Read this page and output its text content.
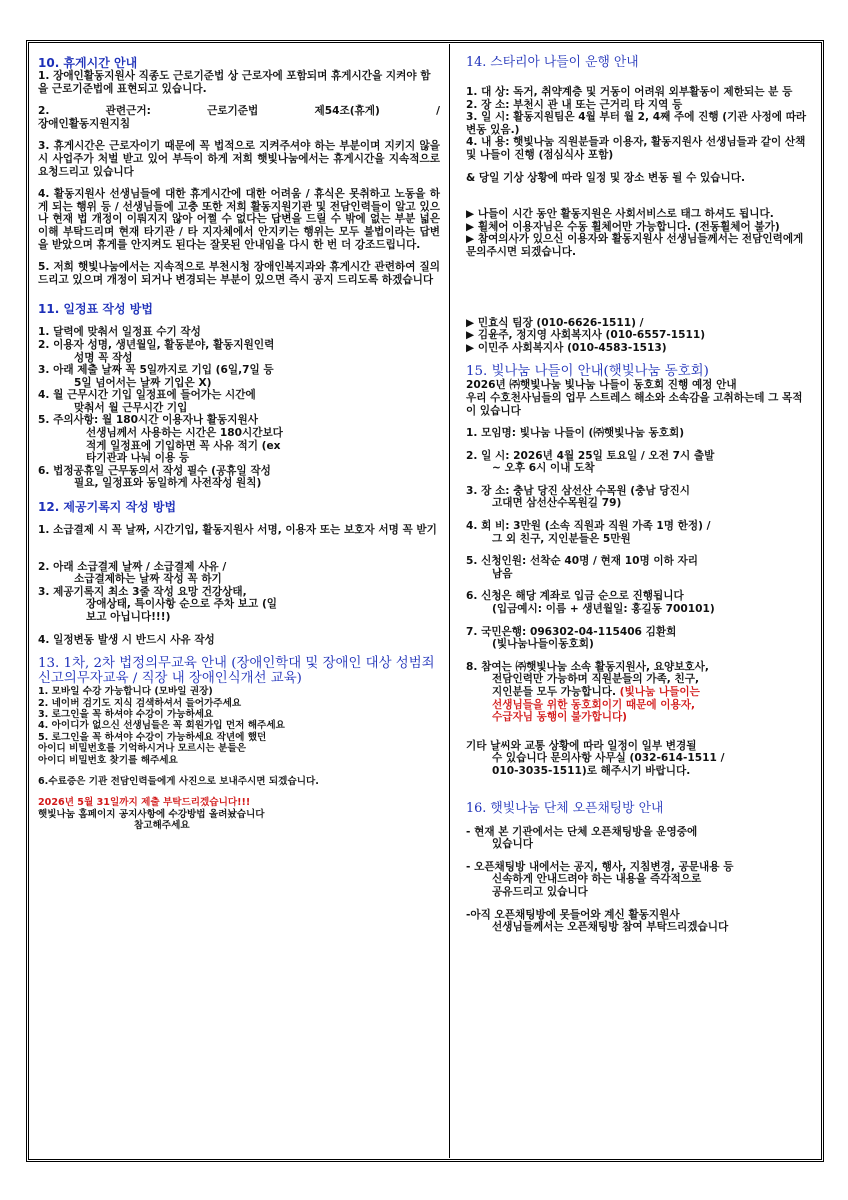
10. 휴게시간 안내

1. 장애인활동지원사 직종도 근로기준법 상 근로자에 포함되며 휴게시간을 지켜야 함을 근로기준법에 표현되고 있습니다.

2. 관련근거: 근로기준법 제54조(휴게) /

장애인활동지원지침

3. 휴게시간은 근로자이기 때문에 꼭 법적으로 지켜주셔야 하는 부분이며 지키지 않을 시 사업주가 처벌 받고 있어 부득이 하게 저희 햇빛나눔에서는 휴게시간을 지속적으로 요청드리고 있습니다

4. 활동지원사 선생님들에 대한 휴게시간에 대한 어려움 / 휴식은 못취하고 노동을 하게 되는 행위 등 / 선생님들에 고충 또한 저희 활동지원기관 및 전담인력들이 알고 있으나 현재 법 개정이 이뤄지지 않아 어쩔 수 없다는 답변을 드릴 수 밖에 없는 부분 넓은 이해 부탁드리며 현재 타기관 / 타 지자체에서 안지키는 행위는 모두 불법이라는 답변을 받았으며 휴게를 안지켜도 된다는 잘못된 안내임을 다시 한 번 더 강조드립니다.

5. 저희 햇빛나눔에서는 지속적으로 부천시청 장애인복지과와 휴게시간 관련하여 질의 드리고 있으며 개정이 되거나 변경되는 부분이 있으면 즉시 공지 드리도록 하겠습니다

11. 일정표 작성 방법

1. 달력에 맞춰서 일정표 수기 작성

2. 이용자 성명, 생년월일, 활동분야, 활동지원인력

성명 꼭 작성

3. 아래 제출 날짜 꼭 5일까지로 기입 (6일,7일 등

5일 넘어서는 날짜 기입은 X)

4. 월 근무시간 기입 일정표에 들어가는 시간에

맞춰서 월 근무시간 기입

5. 주의사항: 월 180시간 이용자나 활동지원사

선생님께서 사용하는 시간은 180시간보다

적게 일정표에 기입하면 꼭 사유 적기 (ex

타기관과 나눠 이용 등

6. 법정공휴일 근무동의서 작성 필수 (공휴일 작성

필요, 일정표와 동일하게 사전작성 원칙)

12. 제공기록지 작성 방법

1. 소급결제 시 꼭 날짜, 시간기입, 활동지원사 서명, 이용자 또는 보호자 서명 꼭 받기

2. 아래 소급결제 날짜 / 소급결제 사유 /

소급결제하는 날짜 작성 꼭 하기

3. 제공기록지 최소 3줄 작성 요망 건강상태,

장애상태, 특이사항 순으로 주차 보고 (일

보고 아닙니다!!!)

4. 일정변동 발생 시 반드시 사유 작성

13. 1차, 2차 법정의무교육 안내 (장애인학대 및 장애인 대상 성범죄 신고의무자교육 / 직장 내 장애인식개선 교육)

1. 모바일 수강 가능합니다 (모바일 권장)

2. 네이버 검기도 지식 검색하셔서 들어가주세요

3. 로그인을 꼭 하셔야 수강이 가능하세요

4. 아이디가 없으신 선생님들은 꼭 회원가입 먼저 해주세요

5. 로그인을 꼭 하셔야 수강이 가능하세요 작년에 했던

아이디 비밀번호를 기억하시거나 모르시는 분들은

아이디 비밀번호 찾기를 해주세요

6.수료증은 기관 전담인력들에게 사진으로 보내주시면 되겠습니다.

2026년 5월 31일까지 제출 부탁드리겠습니다!!!

햇빛나눔 홈페이지 공지사항에 수강방법 올려놨습니다

참고해주세요

14. 스타리아 나들이 운행 안내

1. 대 상: 독거, 취약계층 및 거동이 어려워 외부활동이 제한되는 분 등

2. 장 소: 부천시 관 내 또는 근거리 타 지역 등

3. 일 시: 활동지원팀은 4월 부터 월 2, 4째 주에 진행 (기관 사정에 따라 변동 있음.)

4. 내 용: 햇빛나눔 직원분들과 이용자, 활동지원사 선생님들과 같이 산책 및 나들이 진행 (점심식사 포함)

& 당일 기상 상황에 따라 일정 및 장소 변동 될 수 있습니다.

▶ 나들이 시간 동안 활동지원은 사회서비스로 태그 하셔도 됩니다.

▶ 휠체어 이용자님은 수동 휠체어만 가능합니다. (전동휠체어 불가)

▶ 참여의사가 있으신 이용자와 활동지원사 선생님들께서는 전담인력에게 문의주시면 되겠습니다.

▶ 민효식 팀장 (010-6626-1511) /

▶ 김윤주, 정지영 사회복지사 (010-6557-1511)

▶ 이민주 사회복지사 (010-4583-1513)

15. 빛나눔 나들이 안내(햇빛나눔 동호회)

2026년 ㈜햇빛나눔 빛나눔 나들이 동호회 진행 예정 안내

우리 수호천사님들의 업무 스트레스 해소와 소속감을 고취하는데 그 목적이 있습니다

1. 모임명: 빛나눔 나들이 (㈜햇빛나눔 동호회)

2. 일 시: 2026년 4월 25일 토요일 / 오전 7시 출발

~ 오후 6시 이내 도착

3. 장 소: 충남 당진 삼선산 수목원 (충남 당진시

고대면 삼선산수목원길 79)

4. 회 비: 3만원 (소속 직원과 직원 가족 1명 한정) /

그 외 친구, 지인분들은 5만원

5. 신청인원: 선착순 40명 / 현재 10명 이하 자리

남음

6. 신청은 해당 계좌로 입금 순으로 진행됩니다

(입금예시: 이름 + 생년월일: 홍길동 700101)

7. 국민은행: 096302-04-115406 김환희

(빛나눔나들이동호회)

8. 참여는 ㈜햇빛나눔 소속 활동지원사, 요양보호사,

전담인력만 가능하며 직원분들의 가족, 친구,

지인분들 모두 가능합니다. (빛나눔 나들이는

선생님들을 위한 동호회이기 때문에 이용자,

수급자님 동행이 불가합니다)

기타 날씨와 교통 상황에 따라 일정이 일부 변경될

수 있습니다 문의사항 사무실 (032-614-1511 /

010-3035-1511)로 해주시기 바랍니다.

16. 햇빛나눔 단체 오픈채팅방 안내

- 현재 본 기관에서는 단체 오픈채팅방을 운영중에

있습니다

- 오픈채팅방 내에서는 공지, 행사, 지침변경, 공문내용 등

신속하게 안내드려야 하는 내용을 즉각적으로

공유드리고 있습니다

-아직 오픈채팅방에 못들어와 계신 활동지원사

선생님들께서는 오픈채팅방 참여 부탁드리겠습니다
